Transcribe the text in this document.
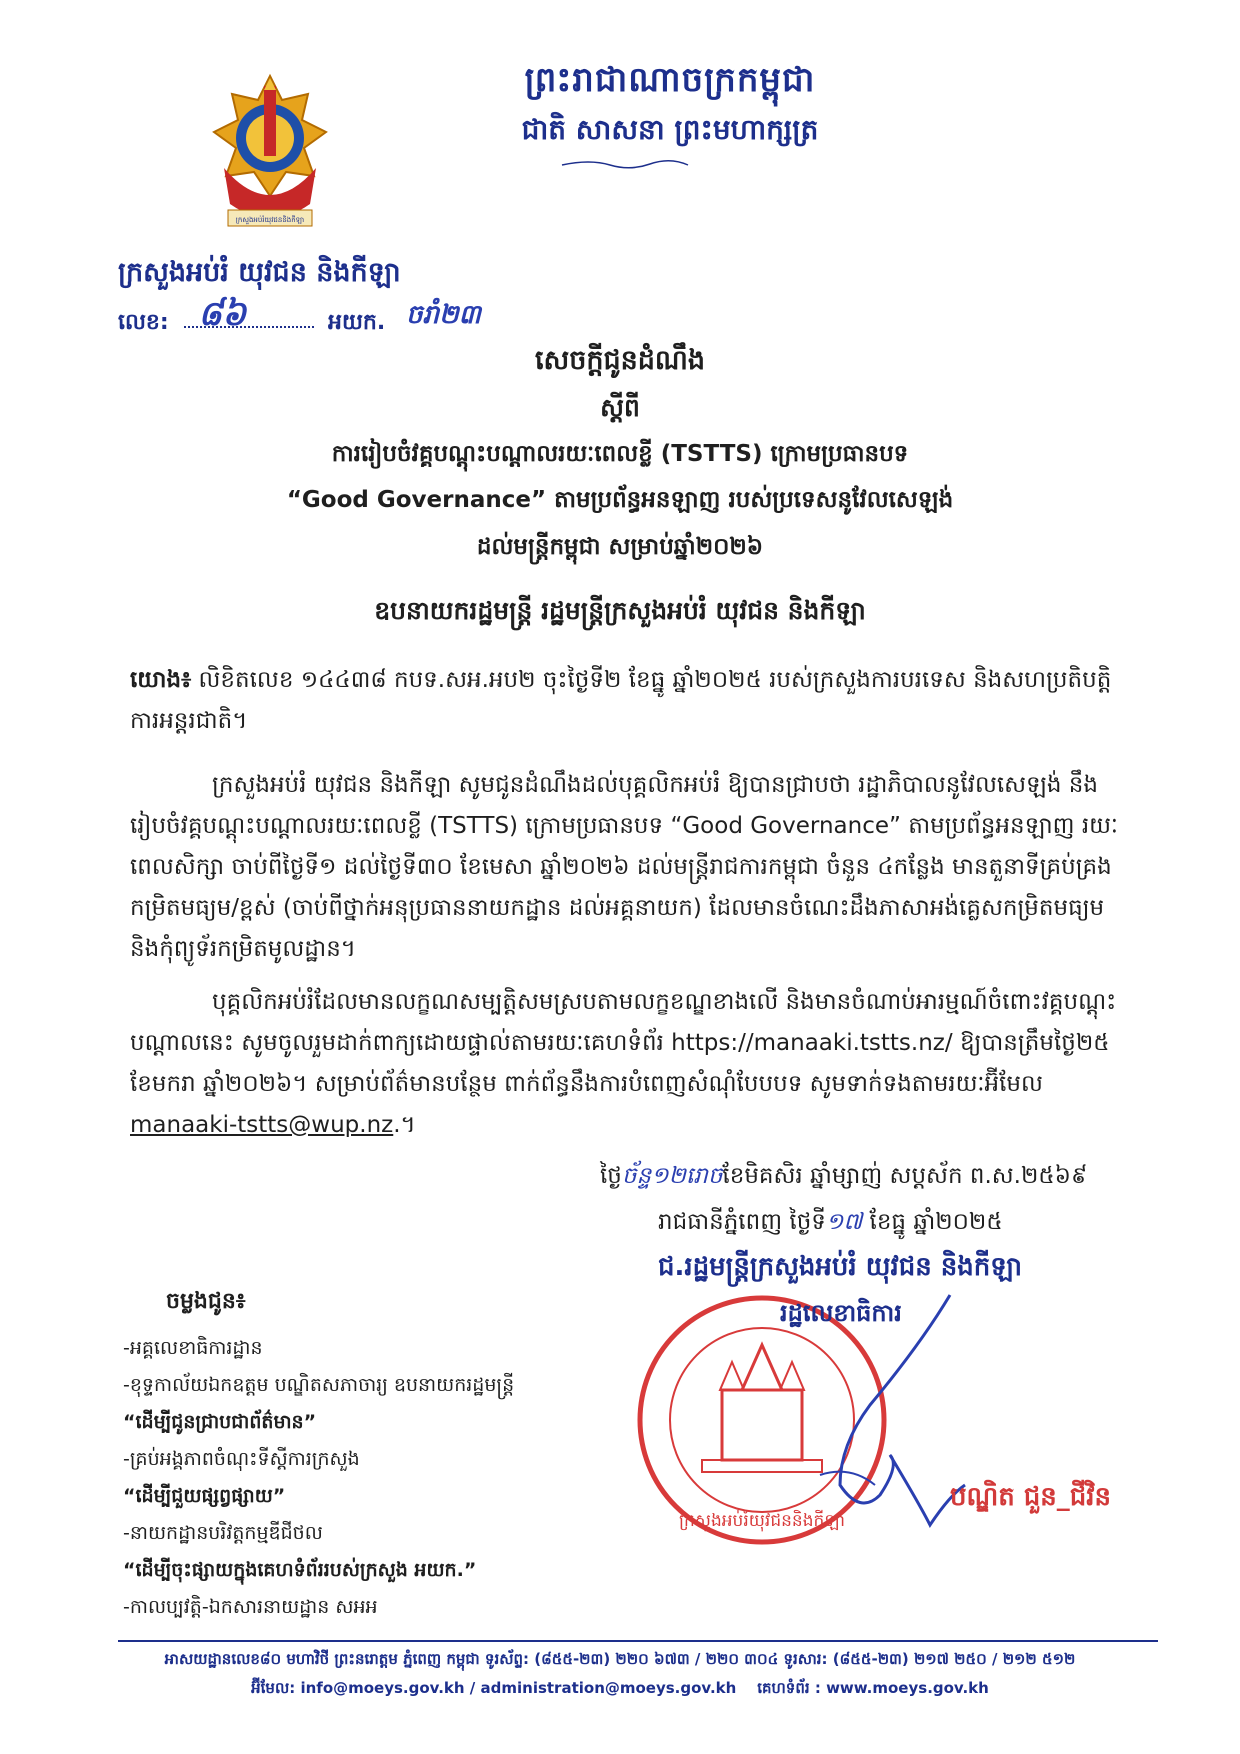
ក្រសួងអប់រំយុវជននិងកីឡា
ព្រះរាជាណាចក្រកម្ពុជា
ជាតិ សាសនា ព្រះមហាក្សត្រ
ក្រសួងអប់រំ យុវជន និងកីឡា
លេខ: ៨៦	អយក. ចរាំ២៣
សេចក្តីជូនដំណឹង
ស្តីពី
ការរៀបចំវគ្គបណ្តុះបណ្តាលរយៈពេលខ្លី (TSTTS) ក្រោមប្រធានបទ
“Good Governance” តាមប្រព័ន្ធអនឡាញ របស់ប្រទេសនូវែលសេឡង់
ដល់មន្ត្រីកម្ពុជា សម្រាប់ឆ្នាំ២០២៦
ឧបនាយករដ្ឋមន្ត្រី រដ្ឋមន្ត្រីក្រសួងអប់រំ យុវជន និងកីឡា
យោង៖ លិខិតលេខ ១៤៤៣៨ កបទ.សអ.អប២ ចុះថ្ងៃទី២ ខែធ្នូ ឆ្នាំ២០២៥ របស់ក្រសួងការបរទេស និងសហប្រតិបត្តិការអន្តរជាតិ។
ក្រសួងអប់រំ យុវជន និងកីឡា សូមជូនដំណឹងដល់បុគ្គលិកអប់រំ ឱ្យបានជ្រាបថា រដ្ឋាភិបាលនូវែលសេឡង់ នឹងរៀបចំវគ្គបណ្តុះបណ្តាលរយៈពេលខ្លី (TSTTS) ក្រោមប្រធានបទ “Good Governance” តាមប្រព័ន្ធអនឡាញ រយៈពេលសិក្សា ចាប់ពីថ្ងៃទី១ ដល់ថ្ងៃទី៣០ ខែមេសា ឆ្នាំ២០២៦ ដល់មន្ត្រីរាជការកម្ពុជា ចំនួន ៤កន្លែង មានតួនាទីគ្រប់គ្រងកម្រិតមធ្យម/ខ្ពស់ (ចាប់ពីថ្នាក់អនុប្រធាននាយកដ្ឋាន ដល់អគ្គនាយក) ដែលមានចំណេះដឹងភាសាអង់គ្លេសកម្រិតមធ្យម និងកុំព្យូទ័រកម្រិតមូលដ្ឋាន។
បុគ្គលិកអប់រំដែលមានលក្ខណសម្បត្តិសមស្របតាមលក្ខខណ្ឌខាងលើ និងមានចំណាប់អារម្មណ៍ចំពោះវគ្គបណ្តុះបណ្តាលនេះ សូមចូលរួមដាក់ពាក្យដោយផ្ទាល់តាមរយៈគេហទំព័រ https://manaaki.tstts.nz/ ឱ្យបានត្រឹមថ្ងៃ២៥ ខែមករា ឆ្នាំ២០២៦។ សម្រាប់ព័ត៌មានបន្ថែម ពាក់ព័ន្ធនឹងការបំពេញសំណុំបែបបទ សូមទាក់ទងតាមរយៈអ៊ីមែល manaaki-tstts@wup.nz.។
ក្រសួងអប់រំយុវជននិងកីឡា
ថ្ងៃច័ន្ទ១២រោចខែមិគសិរ ឆ្នាំម្សាញ់ សប្តស័ក ព.ស.២៥៦៩
រាជធានីភ្នំពេញ ថ្ងៃទី១៧ ខែធ្នូ ឆ្នាំ២០២៥
ជ.រដ្ឋមន្ត្រីក្រសួងអប់រំ យុវជន និងកីឡា
រដ្ឋលេខាធិការ
បណ្ឌិត ជួន_ជីវិន
ចម្លងជូន៖
-អគ្គលេខាធិការដ្ឋាន
-ខុទ្ទកាល័យឯកឧត្តម បណ្ឌិតសភាចារ្យ ឧបនាយករដ្ឋមន្ត្រី
“ដើម្បីជូនជ្រាបជាព័ត៌មាន”
-គ្រប់អង្គភាពចំណុះទីស្តីការក្រសួង
“ដើម្បីជួយផ្សព្វផ្សាយ”
-នាយកដ្ឋានបរិវត្តកម្មឌីជីថល
“ដើម្បីចុះផ្សាយក្នុងគេហទំព័ររបស់ក្រសួង អយក.”
-កាលប្បវត្តិ-ឯកសារនាយដ្ឋាន សអអ
អាសយដ្ឋានលេខ៨០ មហាវិថី ព្រះនរោត្តម ភ្នំពេញ កម្ពុជា ទូរស័ព្ទ: (៨៥៥-២៣) ២២០ ៦៧៣ / ២២០ ៣០៤ ទូរសារ: (៨៥៥-២៣) ២១៧ ២៥០ / ២១២ ៥១២
អ៊ីមែល: info@moeys.gov.kh / administration@moeys.gov.kh គេហទំព័រ : www.moeys.gov.kh
